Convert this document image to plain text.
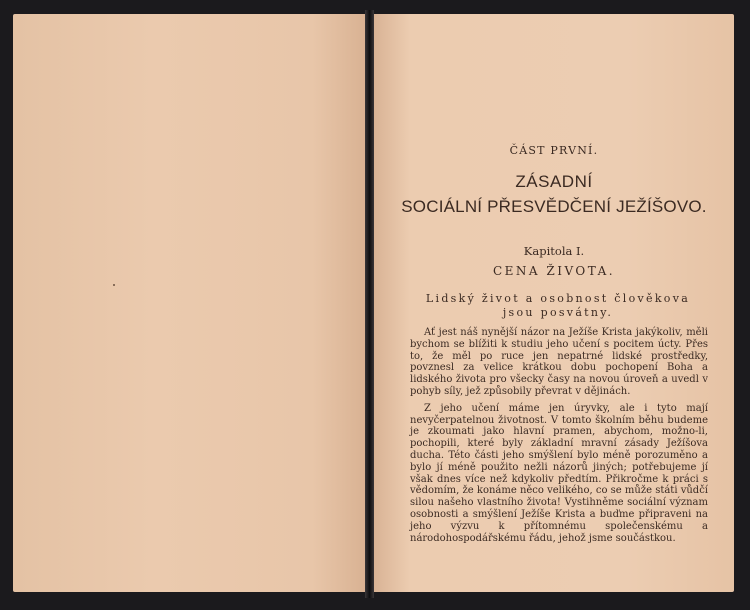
ČÁST PRVNÍ.
ZÁSADNÍ
SOCIÁLNÍ PŘESVĚDČENÍ JEŽÍŠOVO.
Kapitola I.
CENA ŽIVOTA.
Lidský život a osobnost člověkova jsou posvátny.

Ať jest náš nynější názor na Ježíše Krista jakýkoliv, měli bychom se blížiti k studiu jeho učení s pocitem úcty. Přes to, že měl po ruce jen nepatrné lidské prostředky, povznesl za velice krátkou dobu pochopení Boha a lidského života pro všecky časy na novou úroveň a uvedl v pohyb síly, jež způsobily převrat v dějinách.

Z jeho učení máme jen úryvky, ale i tyto mají nevyčerpatelnou životnost. V tomto školním běhu budeme je zkoumati jako hlavní pramen, abychom, možno-li, pochopili, které byly základní mravní zásady Ježíšova ducha. Této části jeho smýšlení bylo méně porozuměno a bylo jí méně použito nežli názorů jiných; potřebujeme jí však dnes více než kdykoliv předtím. Přikročme k práci s vědomím, že konáme něco velikého, co se může státi vůdčí silou našeho vlastního života! Vystihněme sociální význam osobnosti a smýšlení Ježíše Krista a buďme připraveni na jeho výzvu k přítomnému společenskému a národohospodářskému řádu, jehož jsme součástkou.
